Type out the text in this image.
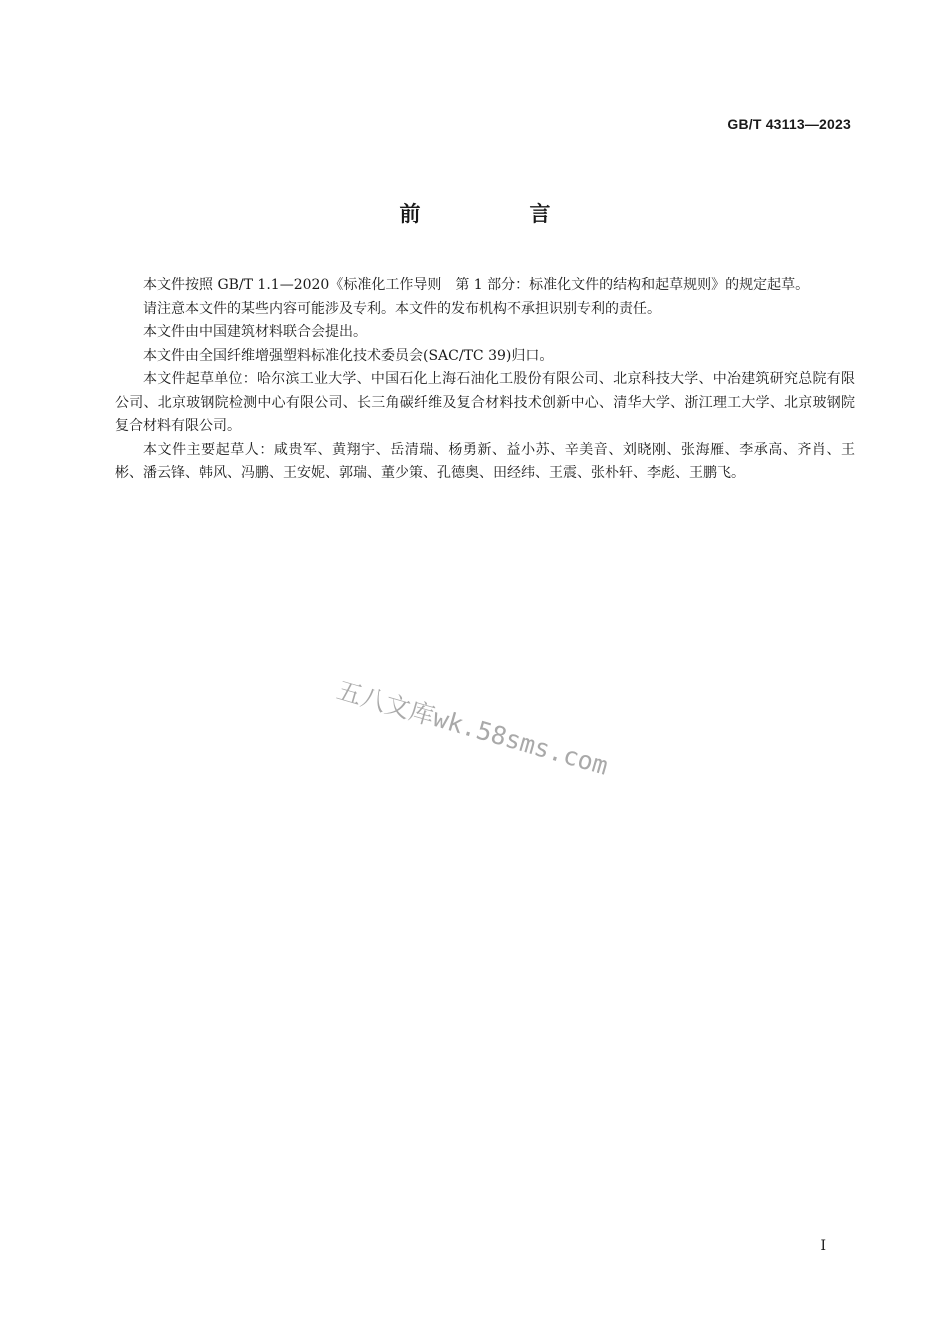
GB/T 43113—2023
前　言

本文件按照 GB/T 1.1—2020《标准化工作导则　第 1 部分：标准化文件的结构和起草规则》的规定起草。

请注意本文件的某些内容可能涉及专利。本文件的发布机构不承担识别专利的责任。

本文件由中国建筑材料联合会提出。

本文件由全国纤维增强塑料标准化技术委员会(SAC/TC 39)归口。

本文件起草单位：哈尔滨工业大学、中国石化上海石油化工股份有限公司、北京科技大学、中冶建筑研究总院有限公司、北京玻钢院检测中心有限公司、长三角碳纤维及复合材料技术创新中心、清华大学、浙江理工大学、北京玻钢院复合材料有限公司。

本文件主要起草人：咸贵军、黄翔宇、岳清瑞、杨勇新、益小苏、辛美音、刘晓刚、张海雁、李承高、齐肖、王彬、潘云锋、韩风、冯鹏、王安妮、郭瑞、董少策、孔德奥、田经纬、王震、张朴轩、李彪、王鹏飞。

五八文库wk.58sms.com
I
